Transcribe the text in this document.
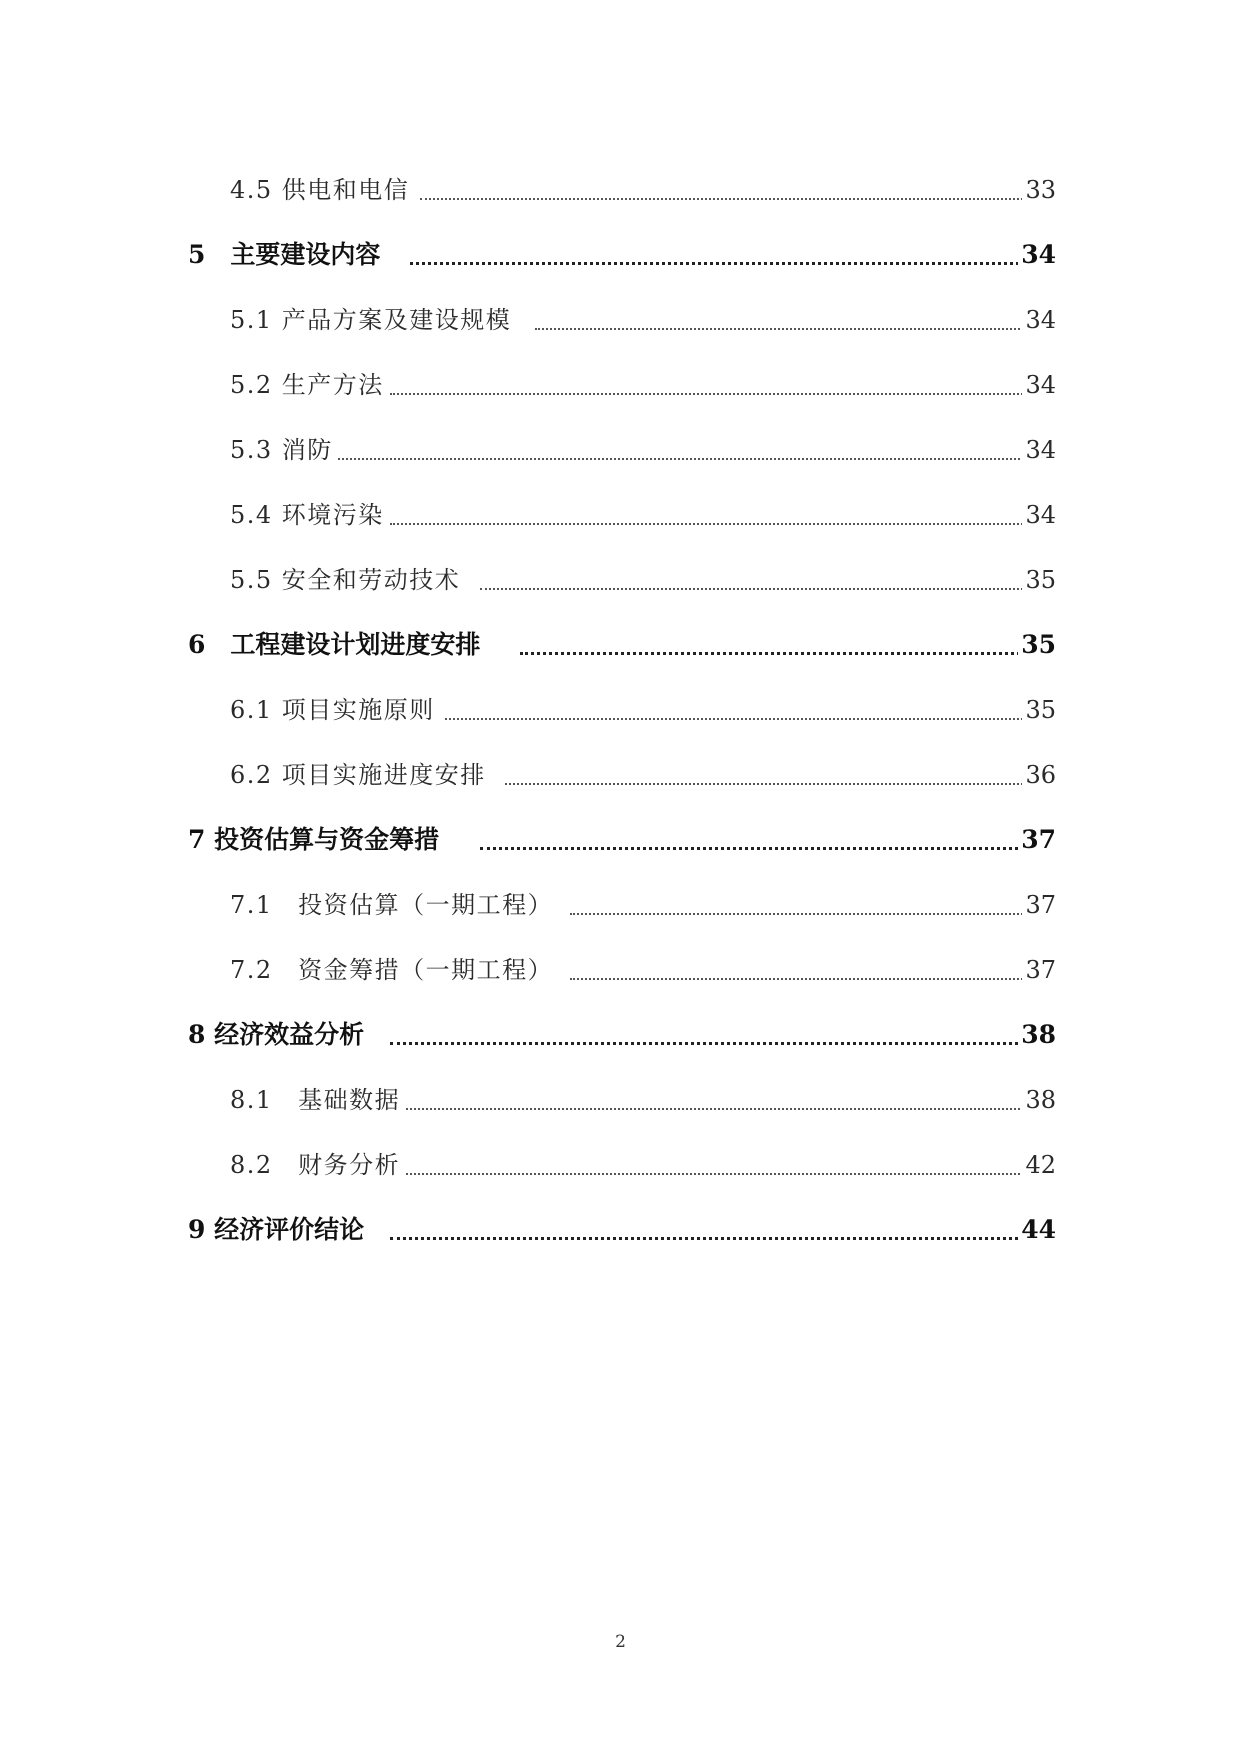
4.5 供电和电信	33
5　主要建设内容	34
5.1 产品方案及建设规模	34
5.2 生产方法	34
5.3 消防	34
5.4 环境污染	34
5.5 安全和劳动技术	35
6　工程建设计划进度安排	35
6.1 项目实施原则	35
6.2 项目实施进度安排	36
7 投资估算与资金筹措	37
7.1　投资估算（一期工程）	37
7.2　资金筹措（一期工程）	37
8 经济效益分析	38
8.1　基础数据	38
8.2　财务分析	42
9 经济评价结论	44
2
